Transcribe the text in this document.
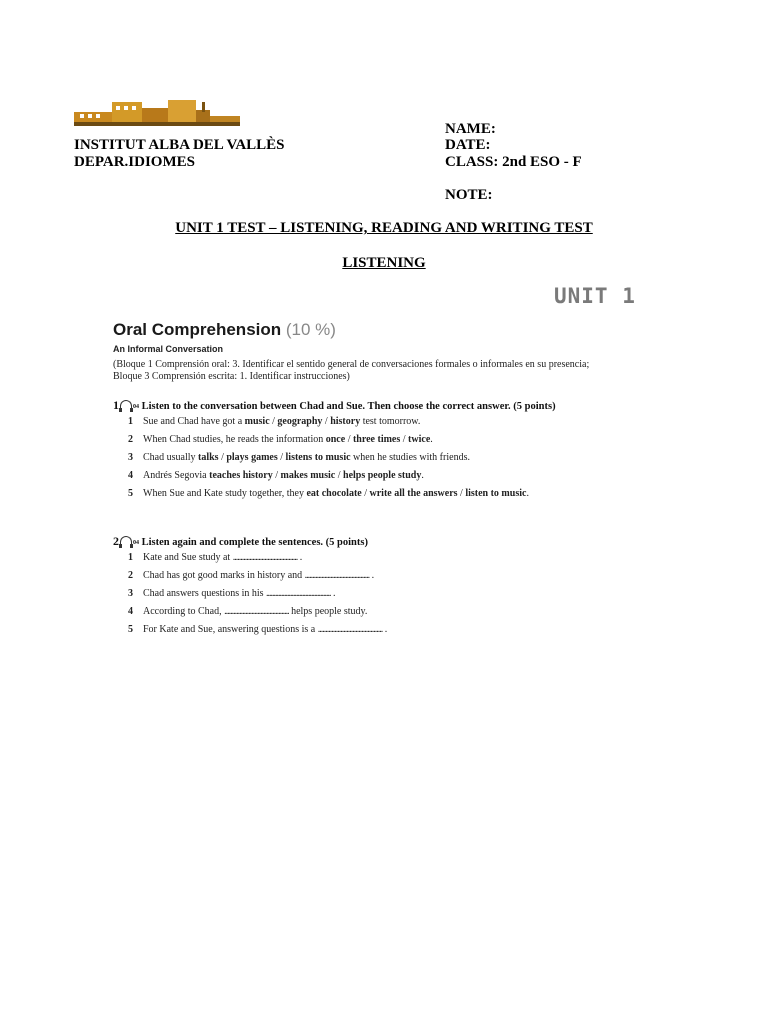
INSTITUT ALBA DEL VALLÈS
DEPAR.IDIOMES
NAME:
DATE:
CLASS: 2nd ESO - F
NOTE:
UNIT 1 TEST – LISTENING, READING AND WRITING TEST
LISTENING
UNIT 1
Oral Comprehension (10 %)
An Informal Conversation
(Bloque 1 Comprensión oral: 3. Identificar el sentido general de conversaciones formales o informales en su presencia;
Bloque 3 Comprensión escrita: 1. Identificar instrucciones)
1 04 Listen to the conversation between Chad and Sue. Then choose the correct answer. (5 points)
1 Sue and Chad have got a music / geography / history test tomorrow.
2 When Chad studies, he reads the information once / three times / twice.
3 Chad usually talks / plays games / listens to music when he studies with friends.
4 Andrés Segovia teaches history / makes music / helps people study.
5 When Sue and Kate study together, they eat chocolate / write all the answers / listen to music.
2 04 Listen again and complete the sentences. (5 points)
1 Kate and Sue study at ........................................... .
2 Chad has got good marks in history and ........................................... .
3 Chad answers questions in his ........................................... .
4 According to Chad, ........................................... helps people study.
5 For Kate and Sue, answering questions is a ........................................... .
